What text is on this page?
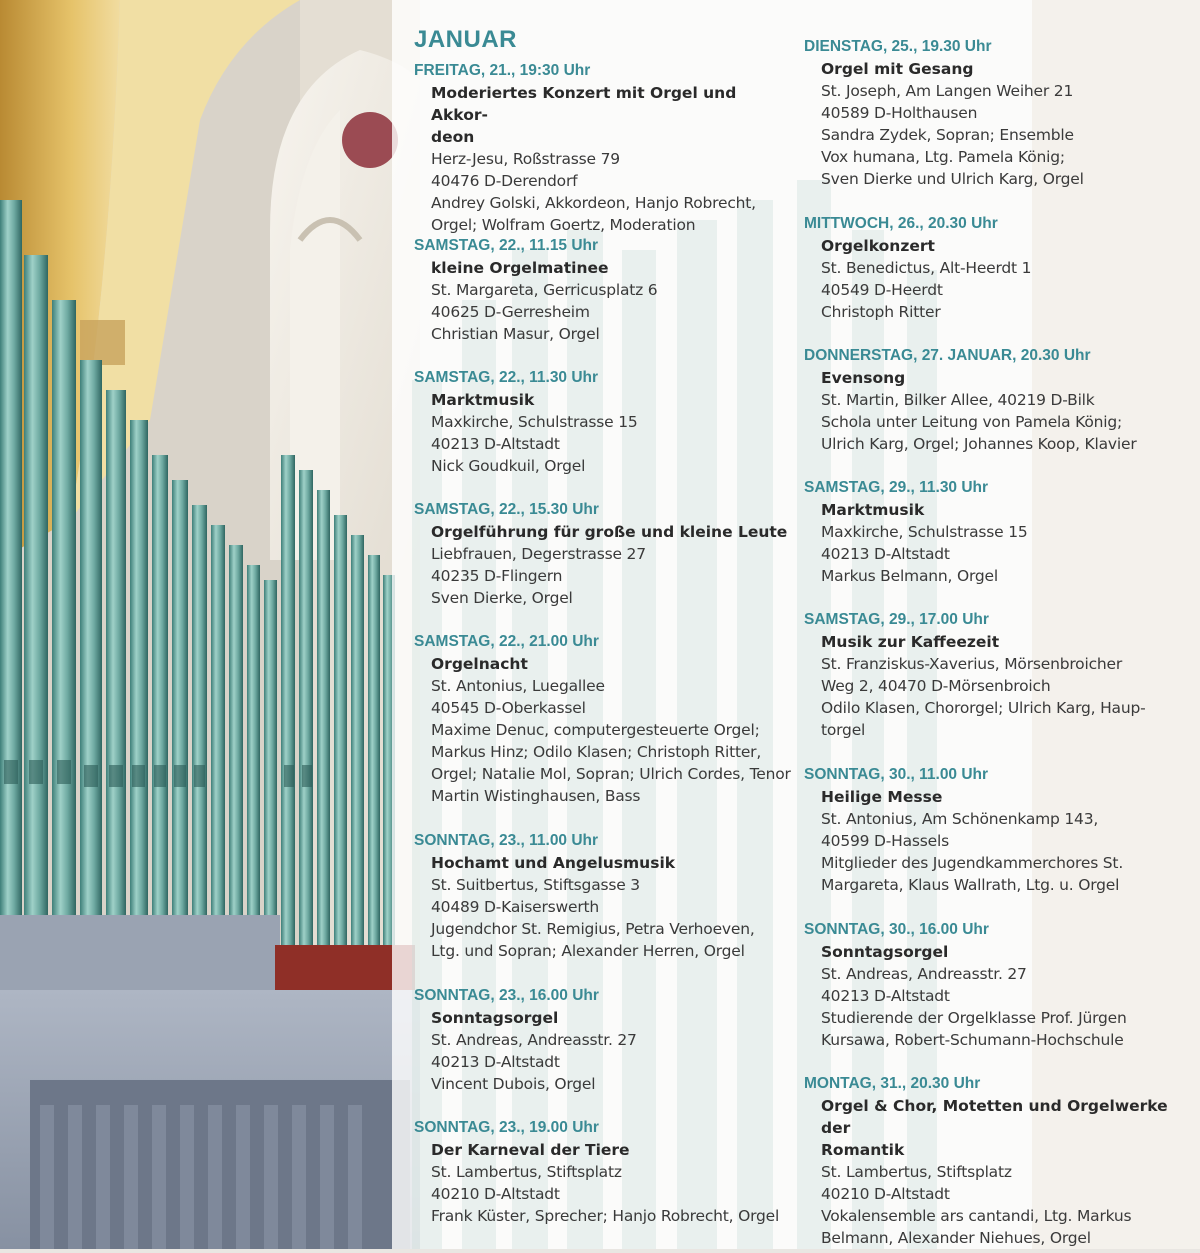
FREITAG, 21., 19:30 Uhr
Moderiertes Konzert mit Orgel und Akkor-
deon
Herz-Jesu, Roßstrasse 79
40476 D-Derendorf
Andrey Golski, Akkordeon, Hanjo Robrecht,
Orgel; Wolfram Goertz, Moderation
SAMSTAG, 22., 11.15 Uhr
kleine Orgelmatinee
St. Margareta, Gerricusplatz 6
40625 D-Gerresheim
Christian Masur, Orgel
SAMSTAG, 22., 11.30 Uhr
Marktmusik
Maxkirche, Schulstrasse 15
40213 D-Altstadt
Nick Goudkuil, Orgel
SAMSTAG, 22., 15.30 Uhr
Orgelführung für große und kleine Leute
Liebfrauen, Degerstrasse 27
40235 D-Flingern
Sven Dierke, Orgel
SAMSTAG, 22., 21.00 Uhr
Orgelnacht
St. Antonius, Luegallee
40545 D-Oberkassel
Maxime Denuc, computergesteuerte Orgel;
Markus Hinz; Odilo Klasen; Christoph Ritter,
Orgel; Natalie Mol, Sopran; Ulrich Cordes, Tenor
Martin Wistinghausen, Bass
SONNTAG, 23., 11.00 Uhr
Hochamt und Angelusmusik
St. Suitbertus, Stiftsgasse 3
40489 D-Kaiserswerth
Jugendchor St. Remigius, Petra Verhoeven,
Ltg. und Sopran; Alexander Herren, Orgel
SONNTAG, 23., 16.00 Uhr
Sonntagsorgel
St. Andreas, Andreasstr. 27
40213 D-Altstadt
Vincent Dubois, Orgel
SONNTAG, 23., 19.00 Uhr
Der Karneval der Tiere
St. Lambertus, Stiftsplatz
40210 D-Altstadt
Frank Küster, Sprecher; Hanjo Robrecht, Orgel
DIENSTAG, 25., 19.30 Uhr
Orgel mit Gesang
St. Joseph, Am Langen Weiher 21
40589 D-Holthausen
Sandra Zydek, Sopran; Ensemble
Vox humana, Ltg. Pamela König;
Sven Dierke und Ulrich Karg, Orgel
MITTWOCH, 26., 20.30 Uhr
Orgelkonzert
St. Benedictus, Alt-Heerdt 1
40549 D-Heerdt
Christoph Ritter
DONNERSTAG, 27. JANUAR, 20.30 Uhr
Evensong
St. Martin, Bilker Allee, 40219 D-Bilk
Schola unter Leitung von Pamela König;
Ulrich Karg, Orgel; Johannes Koop, Klavier
SAMSTAG, 29., 11.30 Uhr
Marktmusik
Maxkirche, Schulstrasse 15
40213 D-Altstadt
Markus Belmann, Orgel
SAMSTAG, 29., 17.00 Uhr
Musik zur Kaffeezeit
St. Franziskus-Xaverius, Mörsenbroicher
Weg 2, 40470 D-Mörsenbroich
Odilo Klasen, Chororgel; Ulrich Karg, Haup-
torgel
SONNTAG, 30., 11.00 Uhr
Heilige Messe
St. Antonius, Am Schönenkamp 143,
40599 D-Hassels
Mitglieder des Jugendkammerchores St.
Margareta, Klaus Wallrath, Ltg. u. Orgel
SONNTAG, 30., 16.00 Uhr
Sonntagsorgel
St. Andreas, Andreasstr. 27
40213 D-Altstadt
Studierende der Orgelklasse Prof. Jürgen
Kursawa, Robert-Schumann-Hochschule
MONTAG, 31., 20.30 Uhr
Orgel & Chor, Motetten und Orgelwerke der
Romantik
St. Lambertus, Stiftsplatz
40210 D-Altstadt
Vokalensemble ars cantandi, Ltg. Markus
Belmann, Alexander Niehues, Orgel
JANUAR
